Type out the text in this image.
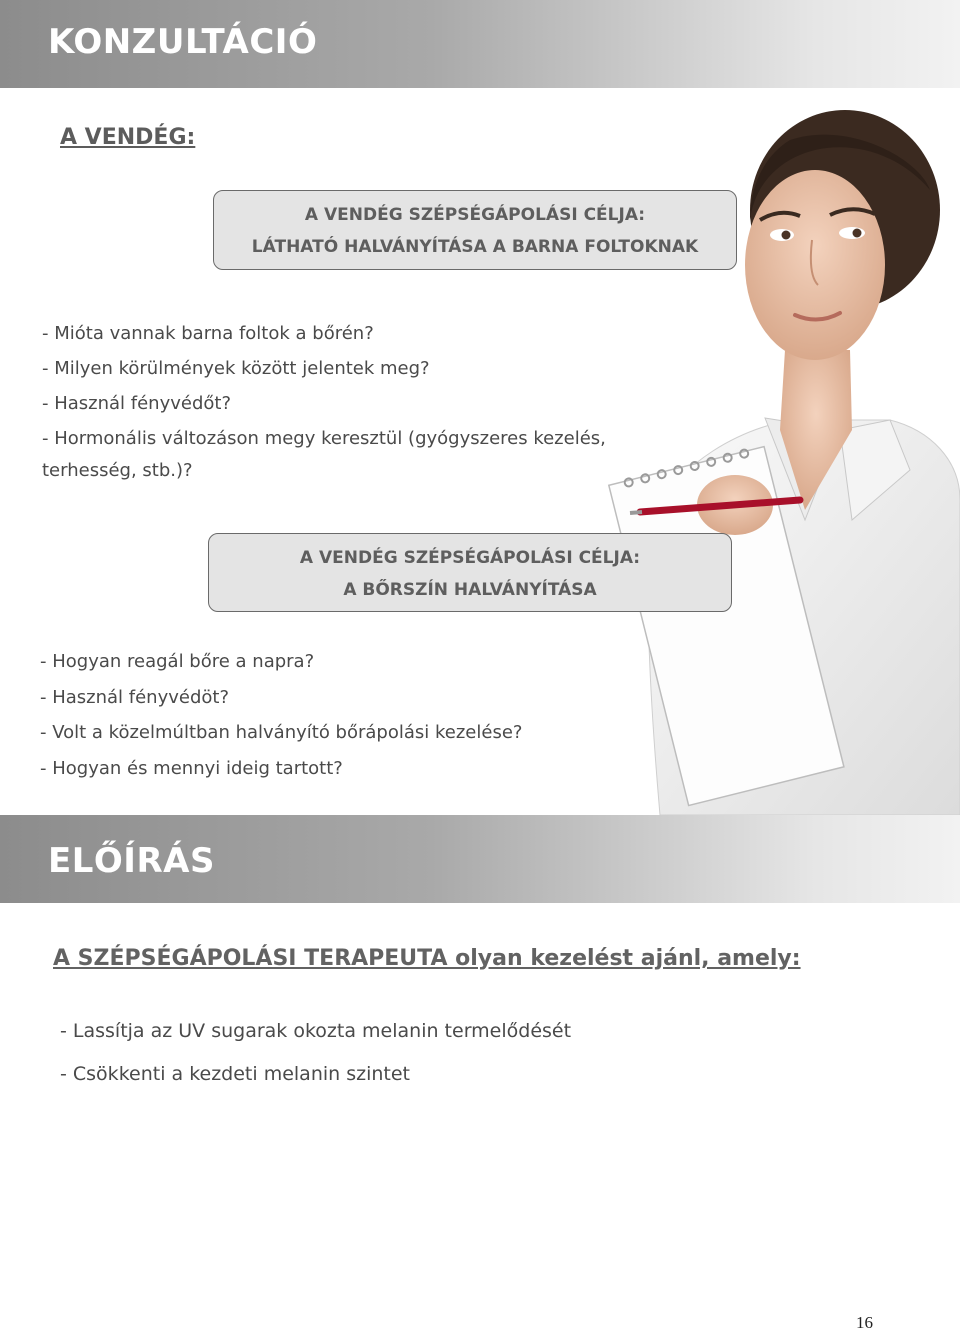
KONZULTÁCIÓ
A VENDÉG:
A VENDÉG SZÉPSÉGÁPOLÁSI CÉLJA:
LÁTHATÓ HALVÁNYÍTÁSA A BARNA FOLTOKNAK
- Mióta vannak barna foltok a bőrén?
- Milyen körülmények között jelentek meg?
- Használ fényvédőt?
- Hormonális változáson megy keresztül (gyógyszeres kezelés, terhesség, stb.)?
A VENDÉG SZÉPSÉGÁPOLÁSI CÉLJA:
A BŐRSZÍN HALVÁNYÍTÁSA
- Hogyan reagál bőre a napra?
- Használ fényvédöt?
- Volt a közelmúltban halványító bőrápolási kezelése?
- Hogyan és mennyi ideig tartott?
ELŐÍRÁS
A SZÉPSÉGÁPOLÁSI TERAPEUTA olyan kezelést ajánl, amely:
- Lassítja az UV sugarak okozta melanin termelődését
- Csökkenti a kezdeti melanin szintet
16
